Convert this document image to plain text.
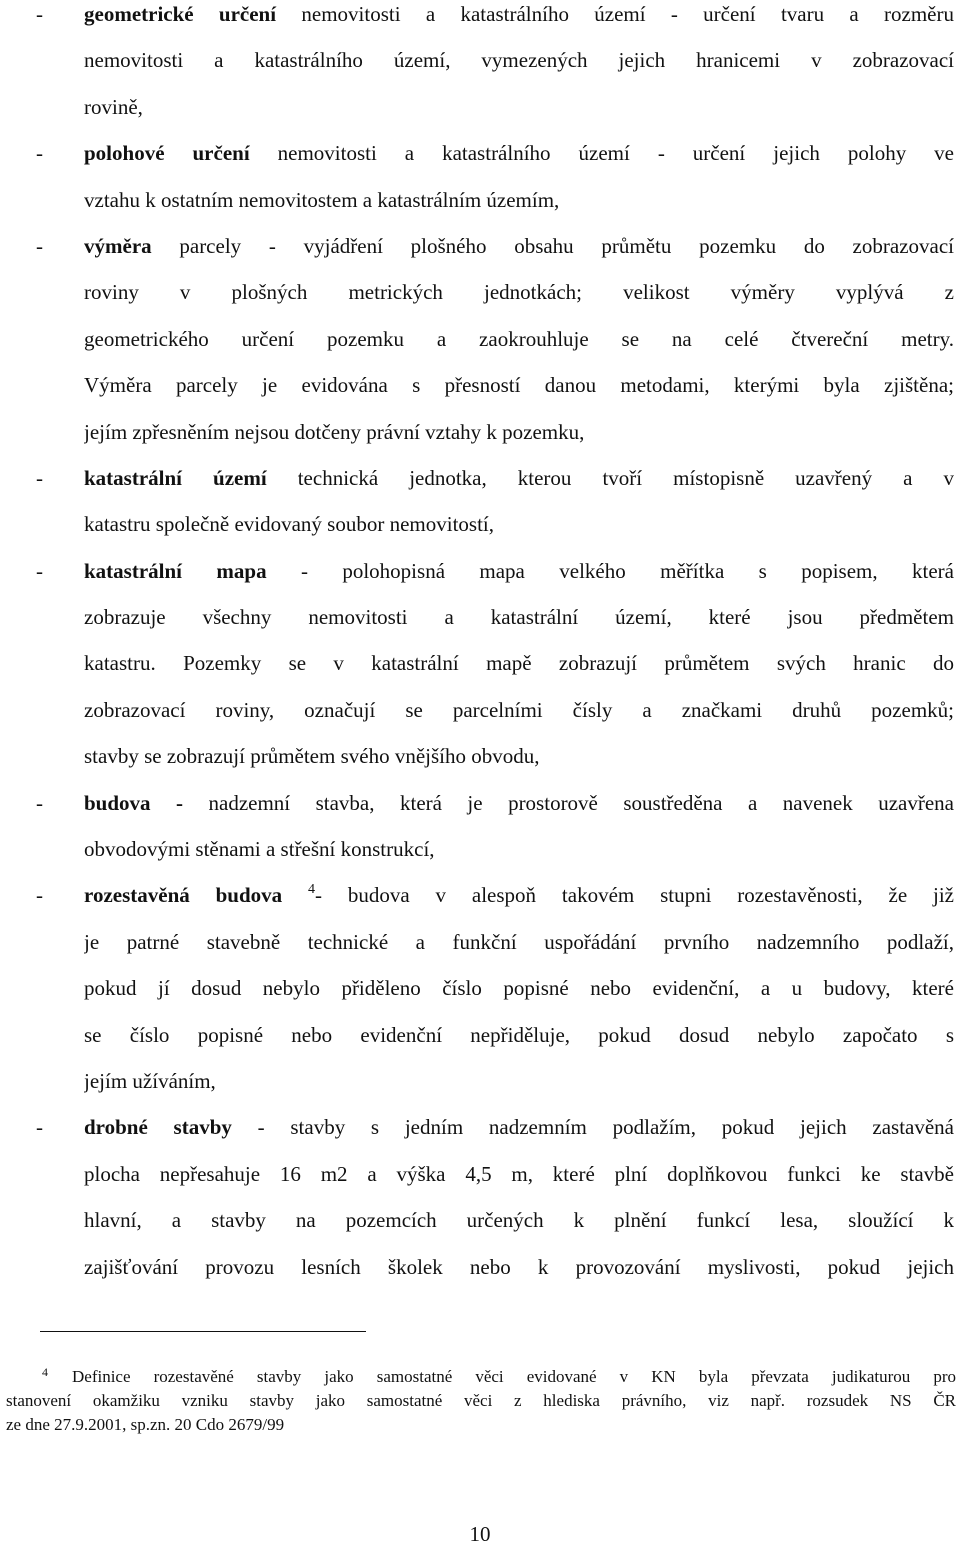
- geometrické určení nemovitosti a katastrálního území - určení tvaru a rozměru
nemovitosti a katastrálního území, vymezených jejich hranicemi v zobrazovací
rovině,
- polohové určení nemovitosti a katastrálního území - určení jejich polohy ve
vztahu k ostatním nemovitostem a katastrálním územím,
- výměra parcely - vyjádření plošného obsahu průmětu pozemku do zobrazovací
roviny v plošných metrických jednotkách; velikost výměry vyplývá z
geometrického určení pozemku a zaokrouhluje se na celé čtvereční metry.
Výměra parcely je evidována s přesností danou metodami, kterými byla zjištěna;
jejím zpřesněním nejsou dotčeny právní vztahy k pozemku,
- katastrální území technická jednotka, kterou tvoří místopisně uzavřený a v
katastru společně evidovaný soubor nemovitostí,
- katastrální mapa - polohopisná mapa velkého měřítka s popisem, která
zobrazuje všechny nemovitosti a katastrální území, které jsou předmětem
katastru. Pozemky se v katastrální mapě zobrazují průmětem svých hranic do
zobrazovací roviny, označují se parcelními čísly a značkami druhů pozemků;
stavby se zobrazují průmětem svého vnějšího obvodu,
- budova - nadzemní stavba, která je prostorově soustředěna a navenek uzavřena
obvodovými stěnami a střešní konstrukcí,
- rozestavěná budova $^4$- budova v alespoň takovém stupni rozestavěnosti, že již
je patrné stavebně technické a funkční uspořádání prvního nadzemního podlaží,
pokud jí dosud nebylo přiděleno číslo popisné nebo evidenční, a u budovy, které
se číslo popisné nebo evidenční nepřiděluje, pokud dosud nebylo započato s
jejím užíváním,
- drobné stavby - stavby s jedním nadzemním podlažím, pokud jejich zastavěná
plocha nepřesahuje 16 m2 a výška 4,5 m, které plní doplňkovou funkci ke stavbě
hlavní, a stavby na pozemcích určených k plnění funkcí lesa, sloužící k
zajišťování provozu lesních školek nebo k provozování myslivosti, pokud jejich
$^4$ Definice rozestavěné stavby jako samostatné věci evidované v KN byla převzata judikaturou pro
stanovení okamžiku vzniku stavby jako samostatné věci z hlediska právního, viz např. rozsudek NS ČR
ze dne 27.9.2001, sp.zn. 20 Cdo 2679/99
10
